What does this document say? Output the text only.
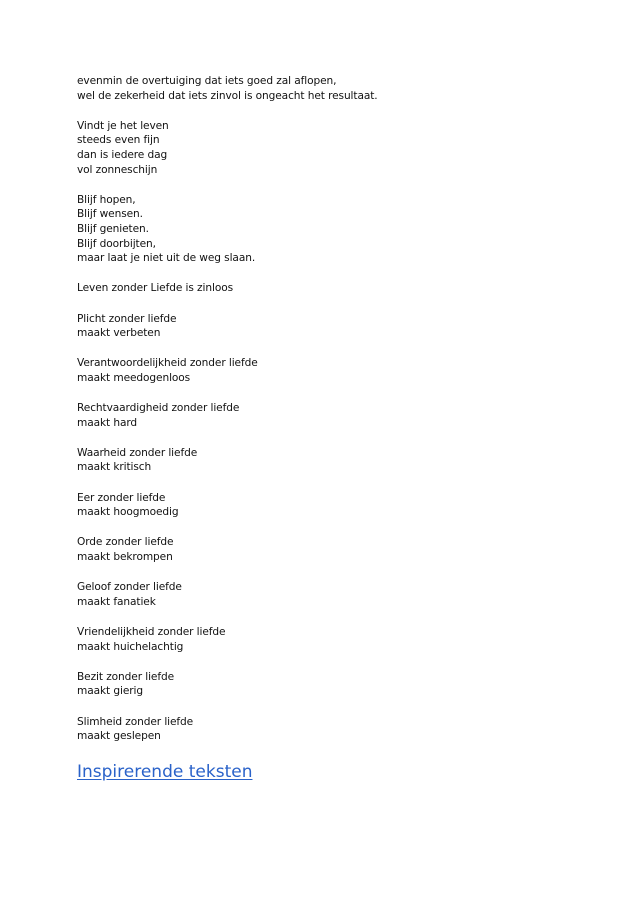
evenmin de overtuiging dat iets goed zal aflopen,
wel de zekerheid dat iets zinvol is ongeacht het resultaat.
Vindt je het leven
steeds even fijn
dan is iedere dag
vol zonneschijn
Blijf hopen,
Blijf wensen.
Blijf genieten.
Blijf doorbijten,
maar laat je niet uit de weg slaan.
Leven zonder Liefde is zinloos
Plicht zonder liefde
maakt verbeten
Verantwoordelijkheid zonder liefde
maakt meedogenloos
Rechtvaardigheid zonder liefde
maakt hard
Waarheid zonder liefde
maakt kritisch
Eer zonder liefde
maakt hoogmoedig
Orde zonder liefde
maakt bekrompen
Geloof zonder liefde
maakt fanatiek
Vriendelijkheid zonder liefde
maakt huichelachtig
Bezit zonder liefde
maakt gierig
Slimheid zonder liefde
maakt geslepen
Inspirerende teksten
